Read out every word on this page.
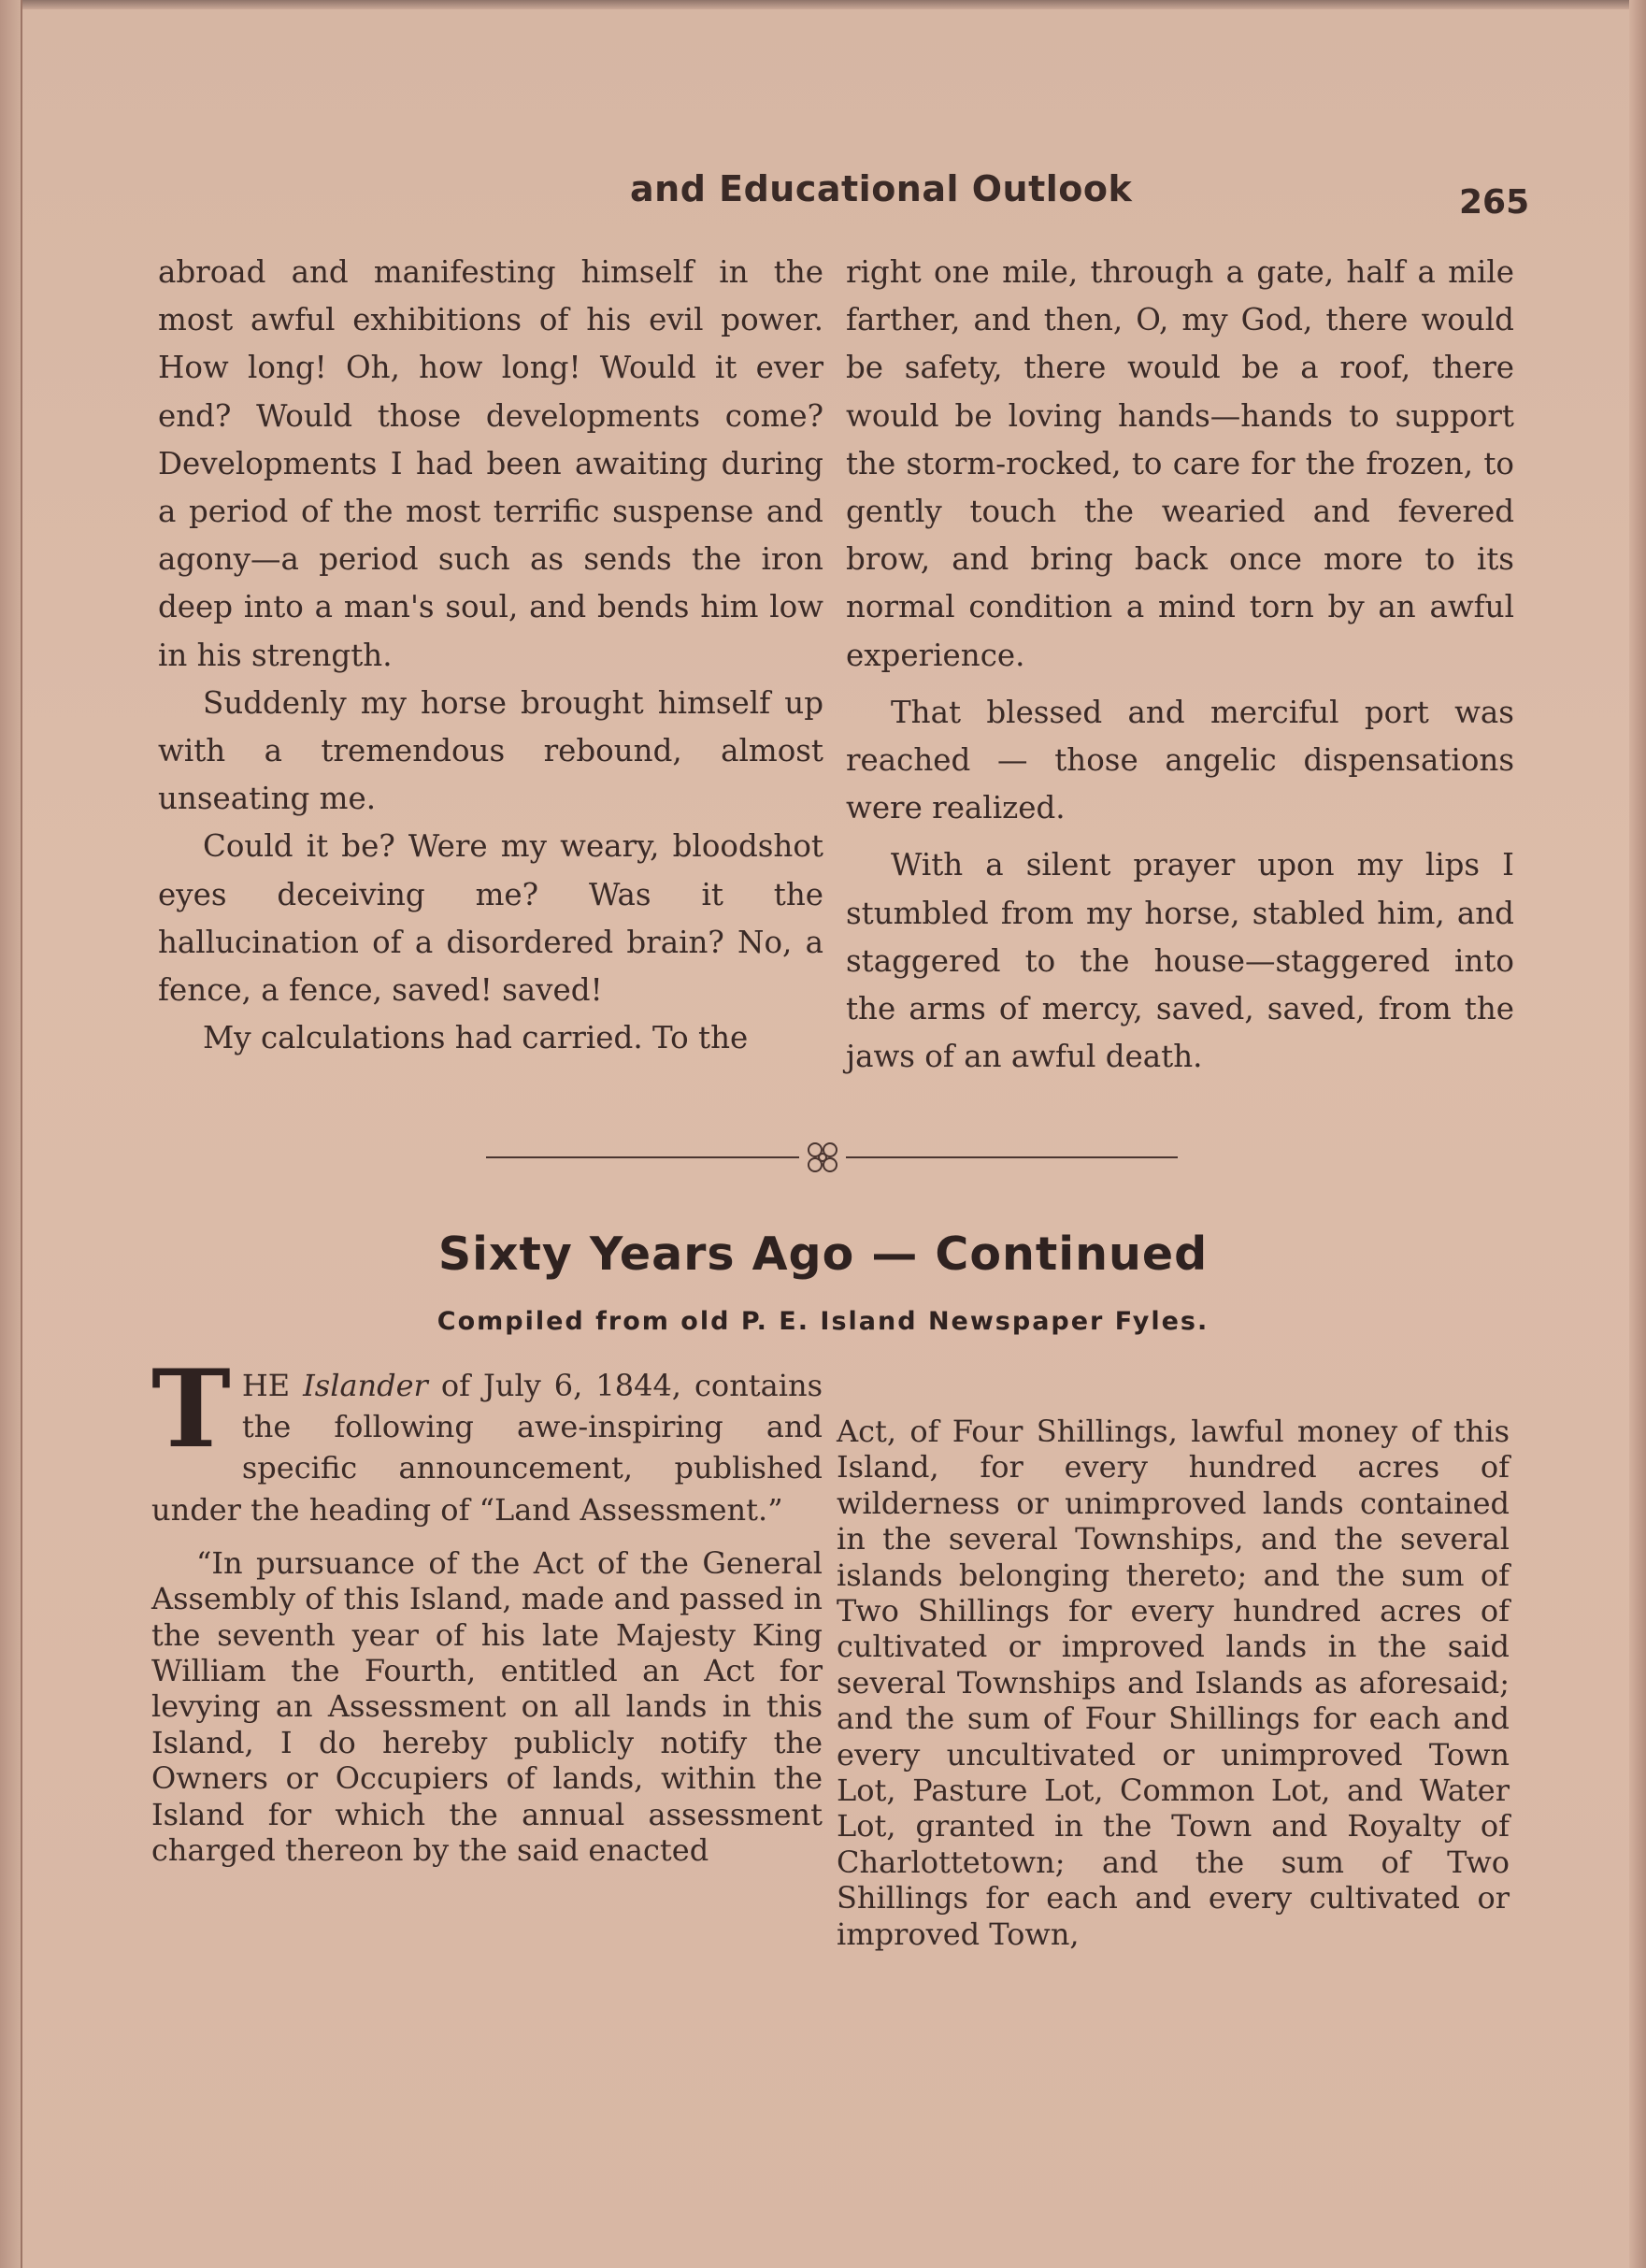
and Educational Outlook	265

abroad and manifesting himself in the most awful exhibitions of his evil power. How long! Oh, how long! Would it ever end? Would those developments come? Developments I had been awaiting during a period of the most terrific suspense and agony—a period such as sends the iron deep into a man's soul, and bends him low in his strength.

Suddenly my horse brought himself up with a tremendous rebound, almost unseating me.

Could it be? Were my weary, bloodshot eyes deceiving me? Was it the hallucination of a disordered brain? No, a fence, a fence, saved! saved!

My calculations had carried. To the

right one mile, through a gate, half a mile farther, and then, O, my God, there would be safety, there would be a roof, there would be loving hands—hands to support the storm-rocked, to care for the frozen, to gently touch the wearied and fevered brow, and bring back once more to its normal condition a mind torn by an awful experience.

That blessed and merciful port was reached — those angelic dispensations were realized.

With a silent prayer upon my lips I stumbled from my horse, stabled him, and staggered to the house—staggered into the arms of mercy, saved, saved, from the jaws of an awful death.

Sixty Years Ago — Continued
Compiled from old P. E. Island Newspaper Fyles.

THE Islander of July 6, 1844, contains the following awe-inspiring and specific announcement, published under the heading of “Land Assessment.”

“In pursuance of the Act of the General Assembly of this Island, made and passed in the seventh year of his late Majesty King William the Fourth, entitled an Act for levying an Assessment on all lands in this Island, I do hereby publicly notify the Owners or Occupiers of lands, within the Island for which the annual assessment charged thereon by the said enacted

Act, of Four Shillings, lawful money of this Island, for every hundred acres of wilderness or unimproved lands contained in the several Townships, and the several islands belonging thereto; and the sum of Two Shillings for every hundred acres of cultivated or improved lands in the said several Townships and Islands as aforesaid; and the sum of Four Shillings for each and every uncultivated or unimproved Town Lot, Pasture Lot, Common Lot, and Water Lot, granted in the Town and Royalty of Charlottetown; and the sum of Two Shillings for each and every cultivated or improved Town,
